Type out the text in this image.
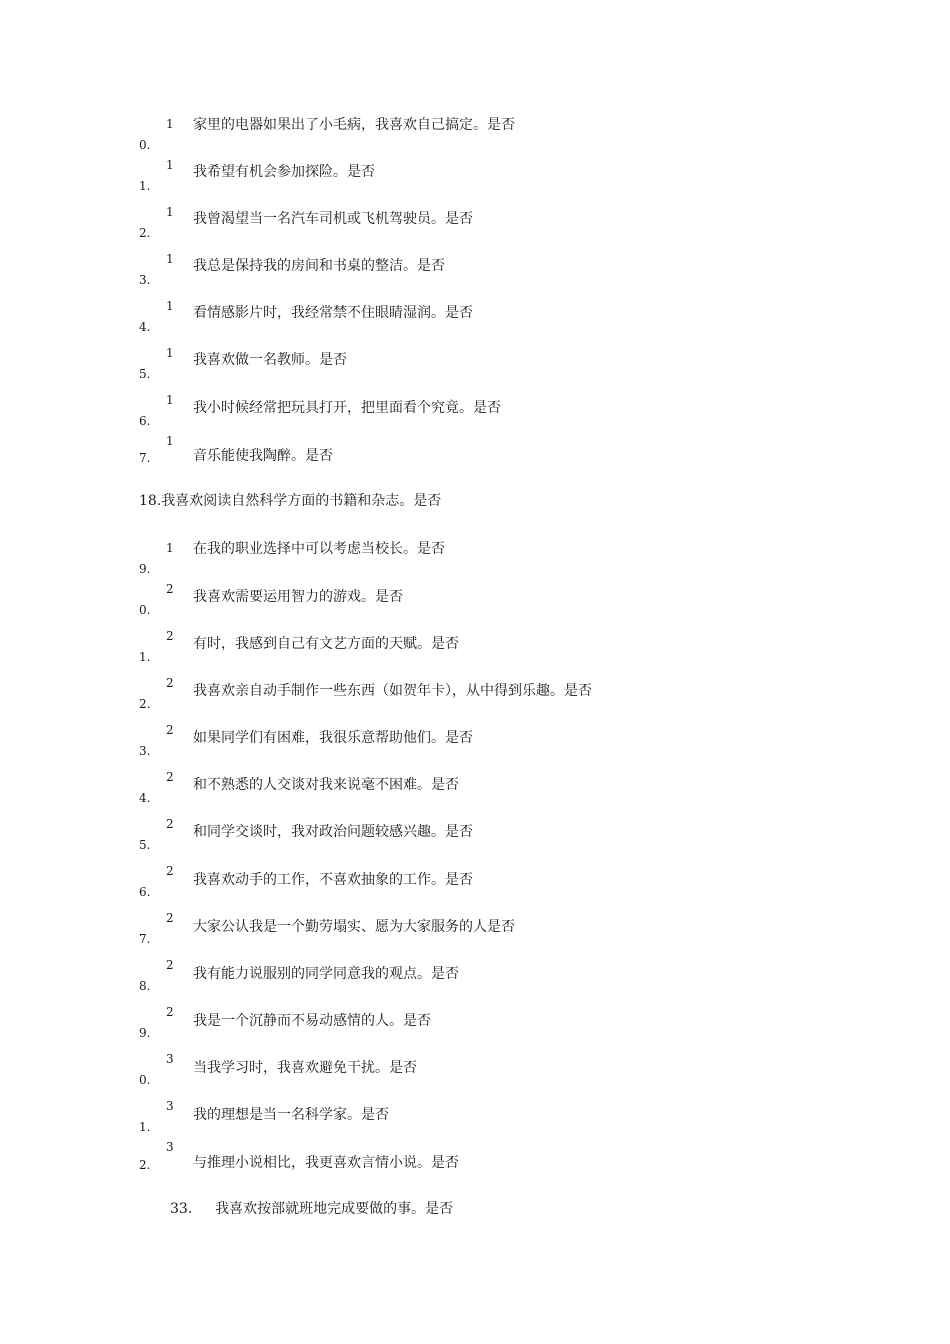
1 家里的电器如果出了小毛病，我喜欢自己搞定。是否
0.
1 我希望有机会参加探险。是否
1.
1 我曾渴望当一名汽车司机或飞机驾驶员。是否
2.
1 我总是保持我的房间和书桌的整洁。是否
3.
1 看情感影片时，我经常禁不住眼睛湿润。是否
4.
1 我喜欢做一名教师。是否
5.
1 我小时候经常把玩具打开，把里面看个究竟。是否
6.
1
音乐能使我陶醉。是否
7.
18.我喜欢阅读自然科学方面的书籍和杂志。是否
1 在我的职业选择中可以考虑当校长。是否
9.
2 我喜欢需要运用智力的游戏。是否
0.
2 有时，我感到自己有文艺方面的天赋。是否
1.
2 我喜欢亲自动手制作一些东西（如贺年卡），从中得到乐趣。是否
2.
2 如果同学们有困难，我很乐意帮助他们。是否
3.
2 和不熟悉的人交谈对我来说毫不困难。是否
4.
2 和同学交谈时，我对政治问题较感兴趣。是否
5.
2
我喜欢动手的工作，不喜欢抽象的工作。是否
6.
2
大家公认我是一个勤劳塌实、愿为大家服务的人是否
7.
2
我有能力说服别的同学同意我的观点。是否
8.
2
我是一个沉静而不易动感情的人。是否
9.
3
当我学习时，我喜欢避免干扰。是否
0.
3
我的理想是当一名科学家。是否
1.
3
与推理小说相比，我更喜欢言情小说。是否
2.
33. 我喜欢按部就班地完成要做的事。是否
